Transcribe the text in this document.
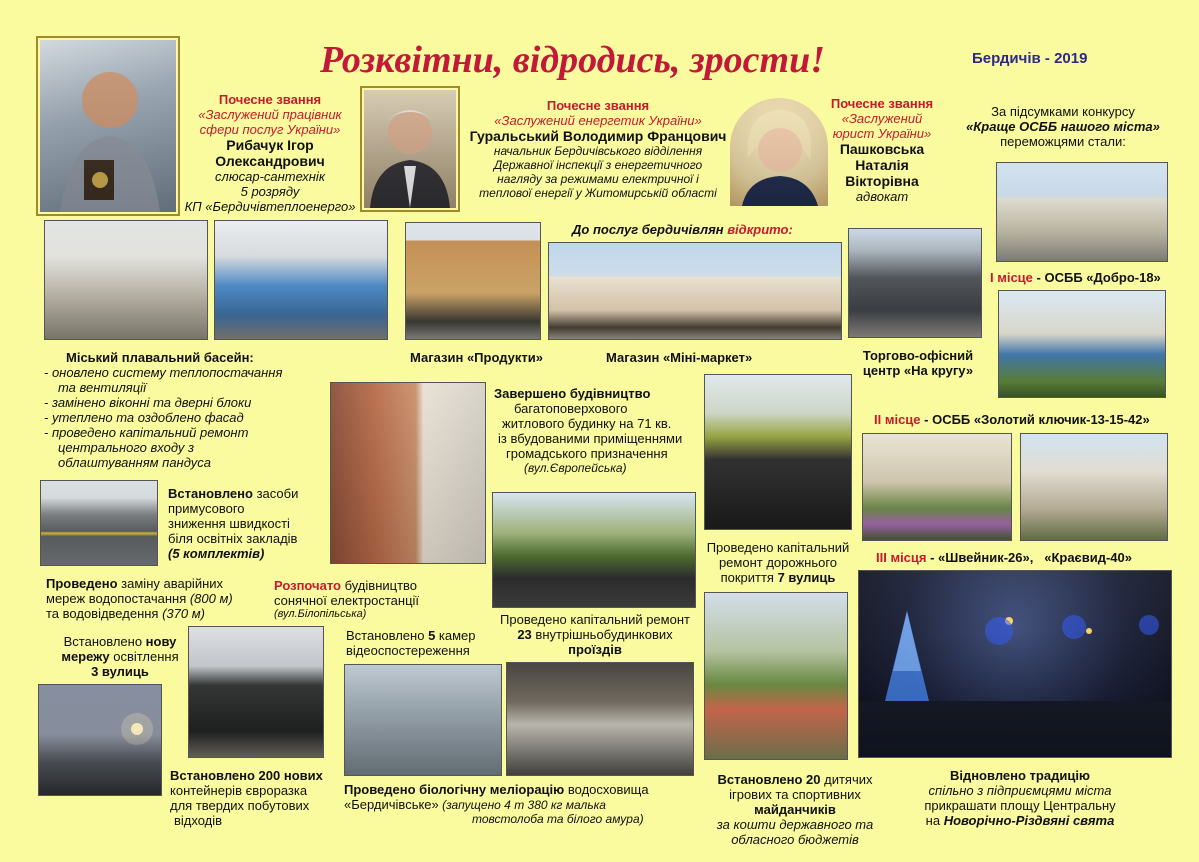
Розквітни, відродись, зрости!	Бердичів - 2019
Почесне звання
«Заслужений працівник сфери послуг України»
Рибачук Ігор Олександрович
слюсар-сантехнік
5 розряду
КП «Бердичівтеплоенерго»
Почесне звання
«Заслужений енергетик України»
Гуральський Володимир Францович
начальник Бердичівського відділення
Державної інспекції з енергетичного
нагляду за режимами електричної і
теплової енергії у Житомирській області
Почесне звання
«Заслужений юрист України»
Пашковська
Наталія
Вікторівна
адвокат
За підсумками конкурсу
«Краще ОСББ нашого міста»
переможцями стали:
І місце - ОСББ «Добро-18»
ІІ місце - ОСББ «Золотий ключик-13-15-42»
ІІІ місця - «Швейник-26», «Краєвид-40»
Відновлено традицію
спільно з підприємцями міста
прикрашати площу Центральну
на Новорічно-Різдвяні свята
До послуг бердичівлян відкрито:
Магазин «Продукти»	Магазин «Міні-маркет»	Торгово-офісний
центр «На кругу»
Міський плавальний басейн:
- оновлено систему теплопостачання
та вентиляції
- замінено віконні та дверні блоки
- утеплено та оздоблено фасад
- проведено капітальний ремонт
центрального входу з
облаштуванням пандуса
Встановлено засоби
примусового
зниження швидкості
біля освітніх закладів
(5 комплектів)
Завершено будівництво
багатоповерхового
житлового будинку на 71 кв.
із вбудованими приміщеннями
громадського призначення
(вул.Європейська)
Проведено капітальний
ремонт дорожнього
покриття 7 вулиць
Проведено заміну аварійних
мереж водопостачання (800 м)
та водовідведення (370 м)
Розпочато будівництво
сонячної електростанції
(вул.Білопільська)	Проведено капітальний ремонт
23 внутрішньобудинкових
проїздів
Встановлено нову
мережу освітлення
3 вулиць
Встановлено 5 камер
відеоспостереження
Встановлено 200 нових
контейнерів євроразка
для твердих побутових
відходів
Проведено біологічну меліорацію водосховища
«Бердичівське» (запущено 4 т 380 кг малька
товстолоба та білого амура)
Встановлено 20 дитячих
ігрових та спортивних майданчиків
за кошти державного та
обласного бюджетів
